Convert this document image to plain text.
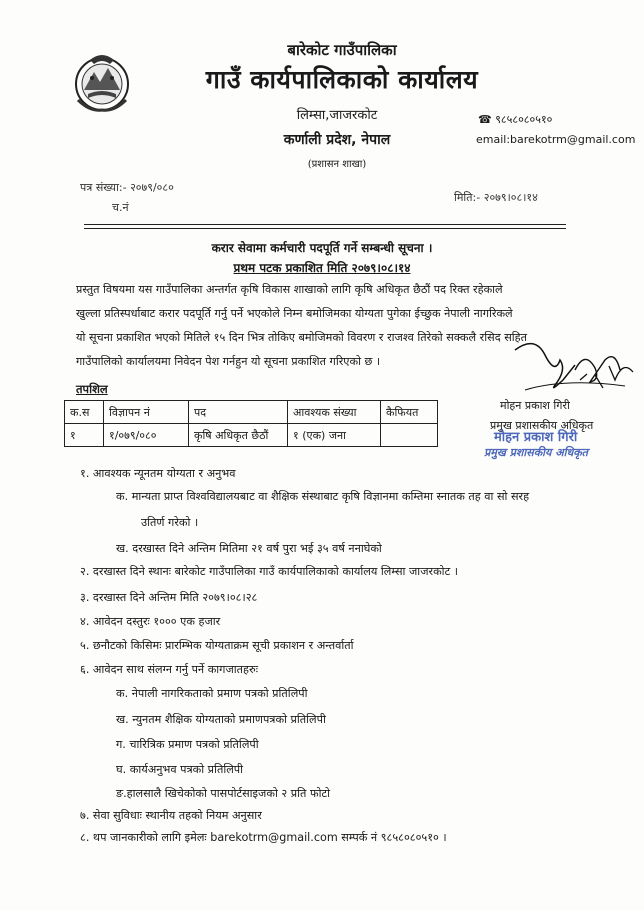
बारेकोट गाउँपालिका
गाउँ कार्यपालिकाको कार्यालय
लिम्सा,जाजरकोट
कर्णाली प्रदेश, नेपाल
(प्रशासन शाखा)
☎ ९८५८०८०५१०
email:barekotrm@gmail.com
पत्र संख्या:- २०७९/०८०
च.नं
मिति:- २०७९।०८।१४
करार सेवामा कर्मचारी पदपूर्ति गर्ने सम्बन्धी सूचना ।
प्रथम पटक प्रकाशित मिति २०७९।०८।१४
प्रस्तुत विषयमा यस गाउँपालिका अन्तर्गत कृषि विकास शाखाको लागि कृषि अधिकृत छैठौं पद रिक्त रहेकाले
खुल्ला प्रतिस्पर्धाबाट करार पदपूर्ति गर्नु पर्ने भएकोले निम्न बमोजिमका योग्यता पुगेका ईच्छुक नेपाली नागरिकले
यो सूचना प्रकाशित भएको मितिले १५ दिन भित्र तोकिए बमोजिमको विवरण र राजश्व तिरेको सक्कलै रसिद सहित
गाउँपालिको कार्यालयमा निवेदन पेश गर्नहुन यो सूचना प्रकाशित गरिएको छ ।
तपशिल
क.स	विज्ञापन नं	पद	आवश्यक संख्या	कैफियत
१	१/०७९/०८०	कृषि अधिकृत छैठौं	१ (एक) जना	
मोहन प्रकाश गिरी
प्रमुख प्रशासकीय अधिकृत
मोहन प्रकाश गिरी
प्रमुख प्रशासकीय अधिकृत
१. आवश्यक न्यूनतम योग्यता र अनुभव
क. मान्यता प्राप्त विश्वविद्यालयबाट वा शैक्षिक संस्थाबाट कृषि विज्ञानमा कम्तिमा स्नातक तह वा सो सरह
उतिर्ण गरेको ।
ख. दरखास्त दिने अन्तिम मितिमा २१ वर्ष पुरा भई ३५ वर्ष ननाघेको
२. दरखास्त दिने स्थानः बारेकोट गाउँपालिका गाउँ कार्यपालिकाको कार्यालय लिम्सा जाजरकोट ।
३. दरखास्त दिने अन्तिम मिति २०७९।०८।२८
४. आवेदन दस्तुरः १००० एक हजार
५. छनौटको किसिमः प्रारम्भिक योग्यताक्रम सूची प्रकाशन र अन्तर्वार्ता
६. आवेदन साथ संलग्न गर्नु पर्ने कागजातहरुः
क. नेपाली नागरिकताको प्रमाण पत्रको प्रतिलिपी
ख. न्युनतम शैक्षिक योग्यताको प्रमाणपत्रको प्रतिलिपी
ग. चारित्रिक प्रमाण पत्रको प्रतिलिपी
घ. कार्यअनुभव पत्रको प्रतिलिपी
ङ.हालसालै खिचेकोको पासपोर्टसाइजको २ प्रति फोटो
७. सेवा सुविधाः स्थानीय तहको नियम अनुसार
८. थप जानकारीको लागि इमेलः barekotrm@gmail.com सम्पर्क नं ९८५८०८०५१० ।
